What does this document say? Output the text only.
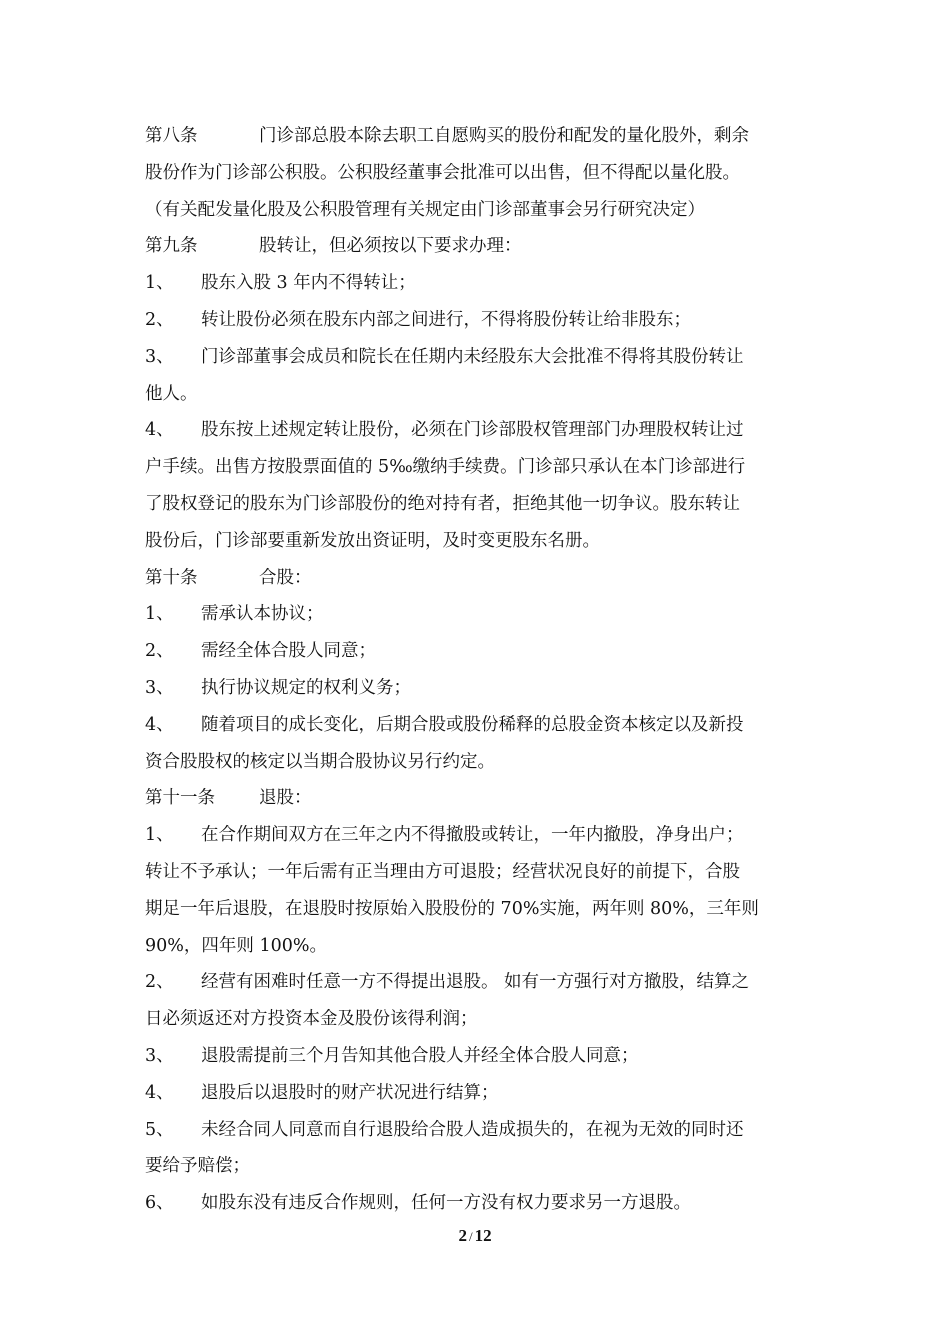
第八条	门诊部总股本除去职工自愿购买的股份和配发的量化股外，剩余
股份作为门诊部公积股。公积股经董事会批准可以出售，但不得配以量化股。
（有关配发量化股及公积股管理有关规定由门诊部董事会另行研究决定）
第九条	股转让，但必须按以下要求办理：
1、 股东入股 3 年内不得转让；
2、 转让股份必须在股东内部之间进行，不得将股份转让给非股东；
3、 门诊部董事会成员和院长在任期内未经股东大会批准不得将其股份转让
他人。
4、 股东按上述规定转让股份，必须在门诊部股权管理部门办理股权转让过
户手续。出售方按股票面值的 5‰缴纳手续费。门诊部只承认在本门诊部进行
了股权登记的股东为门诊部股份的绝对持有者，拒绝其他一切争议。股东转让
股份后，门诊部要重新发放出资证明，及时变更股东名册。
第十条	合股：
1、 需承认本协议；
2、 需经全体合股人同意；
3、 执行协议规定的权利义务；
4、 随着项目的成长变化，后期合股或股份稀释的总股金资本核定以及新投
资合股股权的核定以当期合股协议另行约定。
第十一条	退股：
1、 在合作期间双方在三年之内不得撤股或转让，一年内撤股，净身出户；
转让不予承认；一年后需有正当理由方可退股；经营状况良好的前提下，合股
期足一年后退股，在退股时按原始入股股份的 70%实施，两年则 80%，三年则
90%，四年则 100%。
2、 经营有困难时任意一方不得提出退股。 如有一方强行对方撤股，结算之
日必须返还对方投资本金及股份该得利润；
3、 退股需提前三个月告知其他合股人并经全体合股人同意；
4、 退股后以退股时的财产状况进行结算；
5、 未经合同人同意而自行退股给合股人造成损失的，在视为无效的同时还
要给予赔偿；
6、 如股东没有违反合作规则，任何一方没有权力要求另一方退股。
2 / 12
